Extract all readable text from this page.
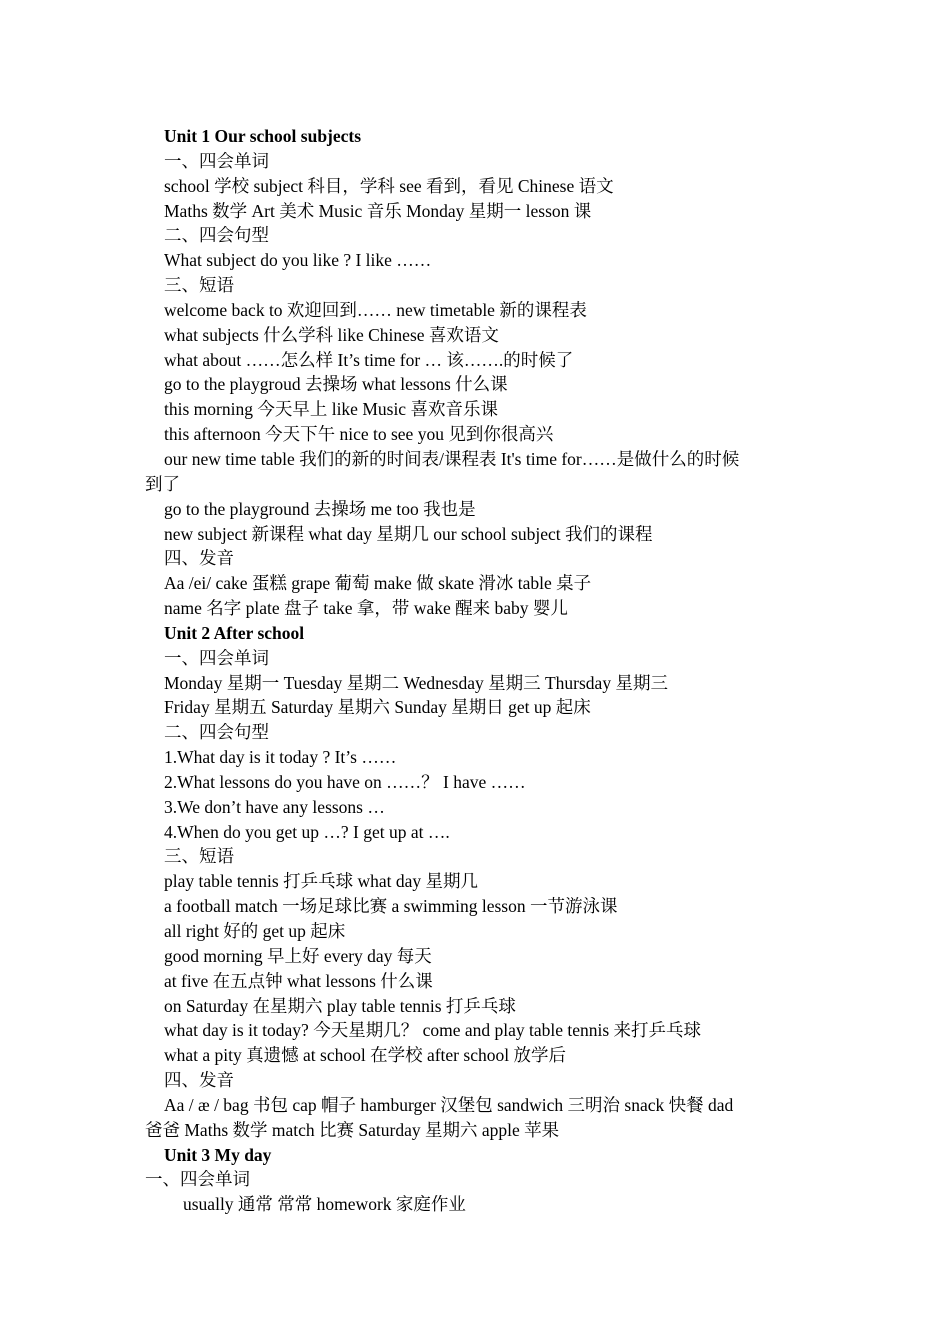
Unit 1 Our school subjects
一、四会单词
school 学校 subject 科目，学科 see 看到，看见 Chinese 语文
Maths 数学 Art 美术 Music 音乐 Monday 星期一 lesson 课
二、四会句型
What subject do you like ? I like ……
三、短语
welcome back to 欢迎回到…… new timetable 新的课程表
what subjects 什么学科 like Chinese 喜欢语文
what about ……怎么样 It’s time for … 该…….的时候了
go to the playgroud 去操场 what lessons 什么课
this morning 今天早上 like Music 喜欢音乐课
this afternoon 今天下午 nice to see you 见到你很高兴
our new time table 我们的新的时间表/课程表 It's time for……是做什么的时候
到了
go to the playground 去操场 me too 我也是
new subject 新课程 what day 星期几 our school subject 我们的课程
四、发音
Aa /ei/ cake 蛋糕 grape 葡萄 make 做 skate 滑冰 table 桌子
name 名字 plate 盘子 take 拿，带 wake 醒来 baby 婴儿
Unit 2 After school
一、四会单词
Monday 星期一 Tuesday 星期二 Wednesday 星期三 Thursday 星期三
Friday 星期五 Saturday 星期六 Sunday 星期日 get up 起床
二、四会句型
1.What day is it today ? It’s ……
2.What lessons do you have on ……？ I have ……
3.We don’t have any lessons …
4.When do you get up …? I get up at ….
三、短语
play table tennis 打乒乓球 what day 星期几
a football match 一场足球比赛 a swimming lesson 一节游泳课
all right 好的 get up 起床
good morning 早上好 every day 每天
at five 在五点钟 what lessons 什么课
on Saturday 在星期六 play table tennis 打乒乓球
what day is it today? 今天星期几？ come and play table tennis 来打乒乓球
what a pity 真遗憾 at school 在学校 after school 放学后
四、发音
Aa / æ / bag 书包 cap 帽子 hamburger 汉堡包 sandwich 三明治 snack 快餐 dad
爸爸 Maths 数学 match 比赛 Saturday 星期六 apple 苹果
Unit 3 My day
一、四会单词
usually 通常 常常 homework 家庭作业
